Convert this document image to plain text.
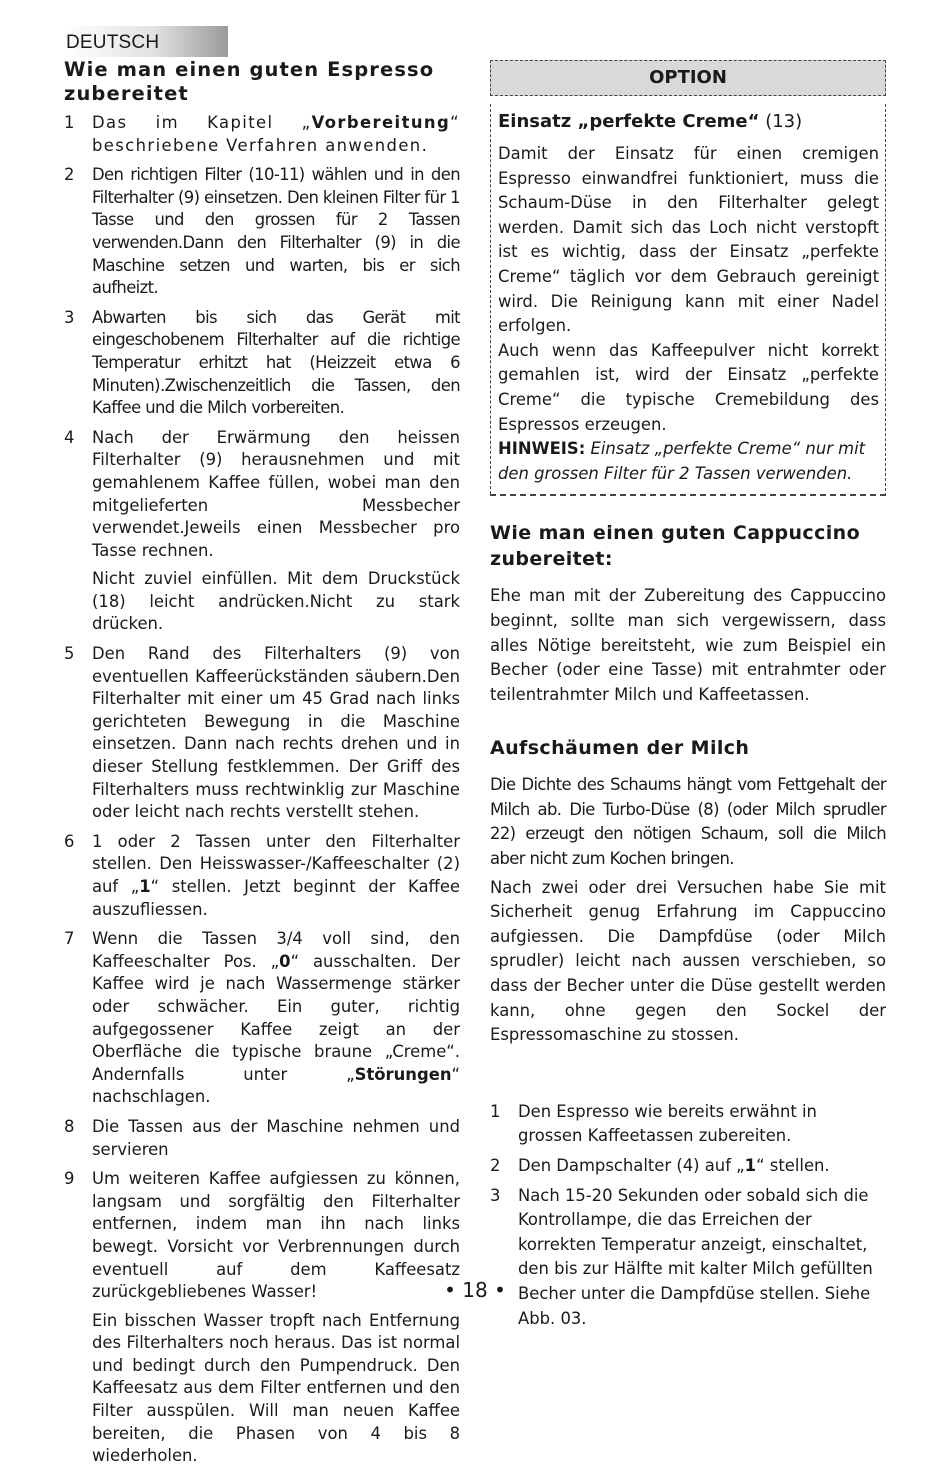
DEUTSCH
Wie man einen guten Espresso zubereitet
1 Das im Kapitel „Vorbereitung“ beschriebene Verfahren anwenden.

2 Den richtigen Filter (10-11) wählen und in den Filterhalter (9) einsetzen. Den kleinen Filter für 1 Tasse und den grossen für 2 Tassen verwenden.Dann den Filterhalter (9) in die Maschine setzen und warten, bis er sich aufheizt.

3 Abwarten bis sich das Gerät mit eingeschobenem Filterhalter auf die richtige Temperatur erhitzt hat (Heizzeit etwa 6 Minuten).Zwischenzeitlich die Tassen, den Kaffee und die Milch vorbereiten.

4 Nach der Erwärmung den heissen Filterhalter (9) herausnehmen und mit gemahlenem Kaffee füllen, wobei man den mitgelieferten Messbecher verwendet.Jeweils einen Messbecher pro Tasse rechnen.

Nicht zuviel einfüllen. Mit dem Druckstück (18) leicht andrücken.Nicht zu stark drücken.

5 Den Rand des Filterhalters (9) von eventuellen Kaffeerückständen säubern.Den Filterhalter mit einer um 45 Grad nach links gerichteten Bewegung in die Maschine einsetzen. Dann nach rechts drehen und in dieser Stellung festklemmen. Der Griff des Filterhalters muss rechtwinklig zur Maschine oder leicht nach rechts verstellt stehen.

6 1 oder 2 Tassen unter den Filterhalter stellen. Den Heisswasser-/Kaffeeschalter (2) auf „1“ stellen. Jetzt beginnt der Kaffee auszufliessen.

7 Wenn die Tassen 3/4 voll sind, den Kaffeeschalter Pos. „0“ ausschalten. Der Kaffee wird je nach Wassermenge stärker oder schwächer. Ein guter, richtig aufgegossener Kaffee zeigt an der Oberfläche die typische braune „Creme“. Andernfalls unter „Störungen“ nachschlagen.

8 Die Tassen aus der Maschine nehmen und servieren

9 Um weiteren Kaffee aufgiessen zu können, langsam und sorgfältig den Filterhalter entfernen, indem man ihn nach links bewegt. Vorsicht vor Verbrennungen durch eventuell auf dem Kaffeesatz zurückgebliebenes Wasser!

Ein bisschen Wasser tropft nach Entfernung des Filterhalters noch heraus. Das ist normal und bedingt durch den Pumpendruck. Den Kaffeesatz aus dem Filter entfernen und den Filter ausspülen. Will man neuen Kaffee bereiten, die Phasen von 4 bis 8 wiederholen.

OPTION
Einsatz „perfekte Creme“ (13)

Damit der Einsatz für einen cremigen Espresso einwandfrei funktioniert, muss die Schaum-Düse in den Filterhalter gelegt werden. Damit sich das Loch nicht verstopft ist es wichtig, dass der Einsatz „perfekte Creme“ täglich vor dem Gebrauch gereinigt wird. Die Reinigung kann mit einer Nadel erfolgen.

Auch wenn das Kaffeepulver nicht korrekt gemahlen ist, wird der Einsatz „perfekte Creme“ die typische Cremebildung des Espressos erzeugen.

HINWEIS: Einsatz „perfekte Creme“ nur mit den grossen Filter für 2 Tassen verwenden.

Wie man einen guten Cappuccino zubereitet:

Ehe man mit der Zubereitung des Cappuccino beginnt, sollte man sich vergewissern, dass alles Nötige bereitsteht, wie zum Beispiel ein Becher (oder eine Tasse) mit entrahmter oder teilentrahmter Milch und Kaffeetassen.

Aufschäumen der Milch

Die Dichte des Schaums hängt vom Fettgehalt der Milch ab. Die Turbo-Düse (8) (oder Milch sprudler 22) erzeugt den nötigen Schaum, soll die Milch aber nicht zum Kochen bringen.

Nach zwei oder drei Versuchen habe Sie mit Sicherheit genug Erfahrung im Cappuccino aufgiessen. Die Dampfdüse (oder Milch sprudler) leicht nach aussen verschieben, so dass der Becher unter die Düse gestellt werden kann, ohne gegen den Sockel der Espressomaschine zu stossen.

1 Den Espresso wie bereits erwähnt in grossen Kaffeetassen zubereiten.
2 Den Dampschalter (4) auf „1“ stellen.
3 Nach 15-20 Sekunden oder sobald sich die Kontrollampe, die das Erreichen der korrekten Temperatur anzeigt, einschaltet, den bis zur Hälfte mit kalter Milch gefüllten Becher unter die Dampfdüse stellen. Siehe Abb. 03.
• 18 •
